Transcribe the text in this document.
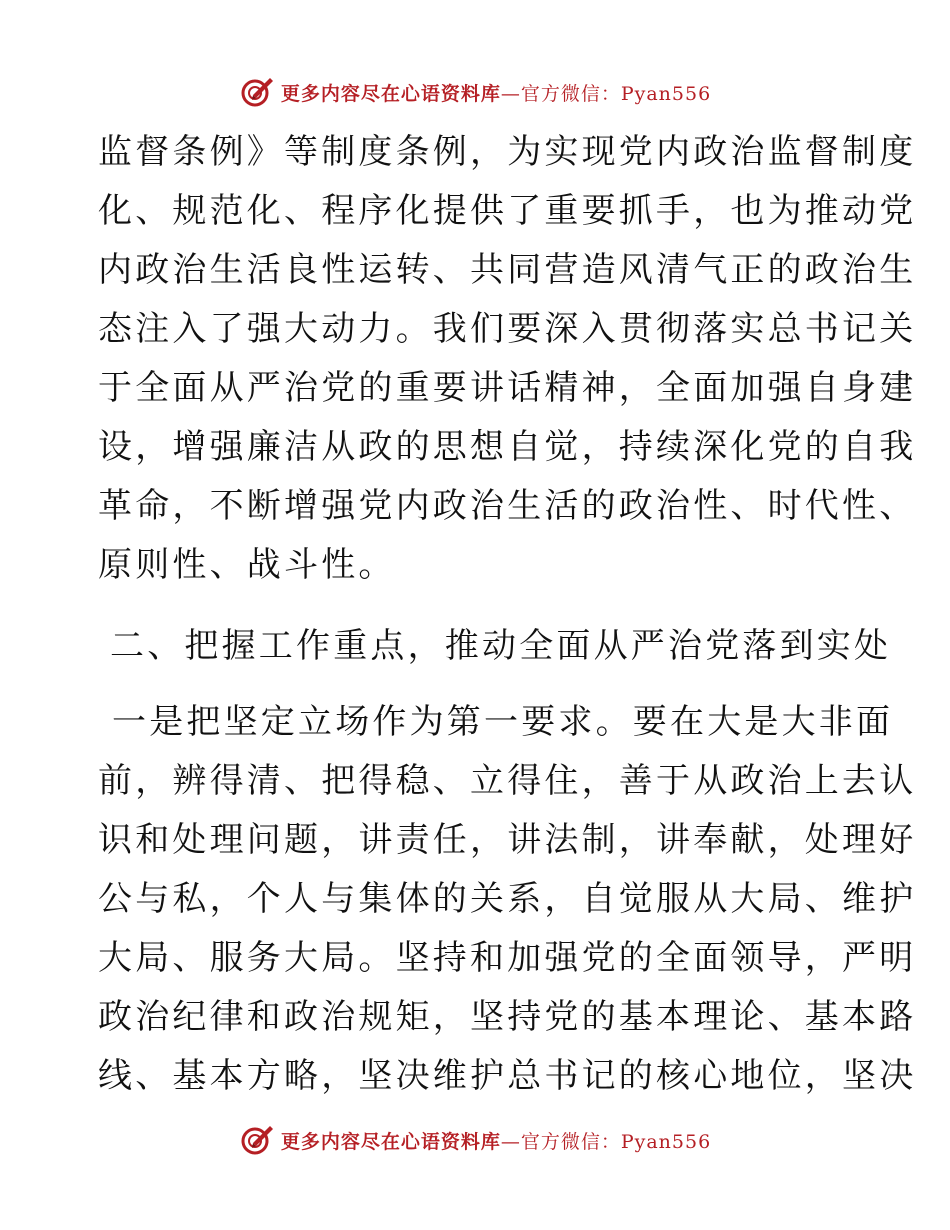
更多内容尽在心语资料库—官方微信：Pyan556
监督条例》等制度条例，为实现党内政治监督制度
化、规范化、程序化提供了重要抓手，也为推动党
内政治生活良性运转、共同营造风清气正的政治生
态注入了强大动力。我们要深入贯彻落实总书记关
于全面从严治党的重要讲话精神，全面加强自身建
设，增强廉洁从政的思想自觉，持续深化党的自我
革命，不断增强党内政治生活的政治性、时代性、
原则性、战斗性。
二、把握工作重点，推动全面从严治党落到实处
一是把坚定立场作为第一要求。要在大是大非面
前，辨得清、把得稳、立得住，善于从政治上去认
识和处理问题，讲责任，讲法制，讲奉献，处理好
公与私，个人与集体的关系，自觉服从大局、维护
大局、服务大局。坚持和加强党的全面领导，严明
政治纪律和政治规矩，坚持党的基本理论、基本路
线、基本方略，坚决维护总书记的核心地位，坚决
更多内容尽在心语资料库—官方微信：Pyan556
